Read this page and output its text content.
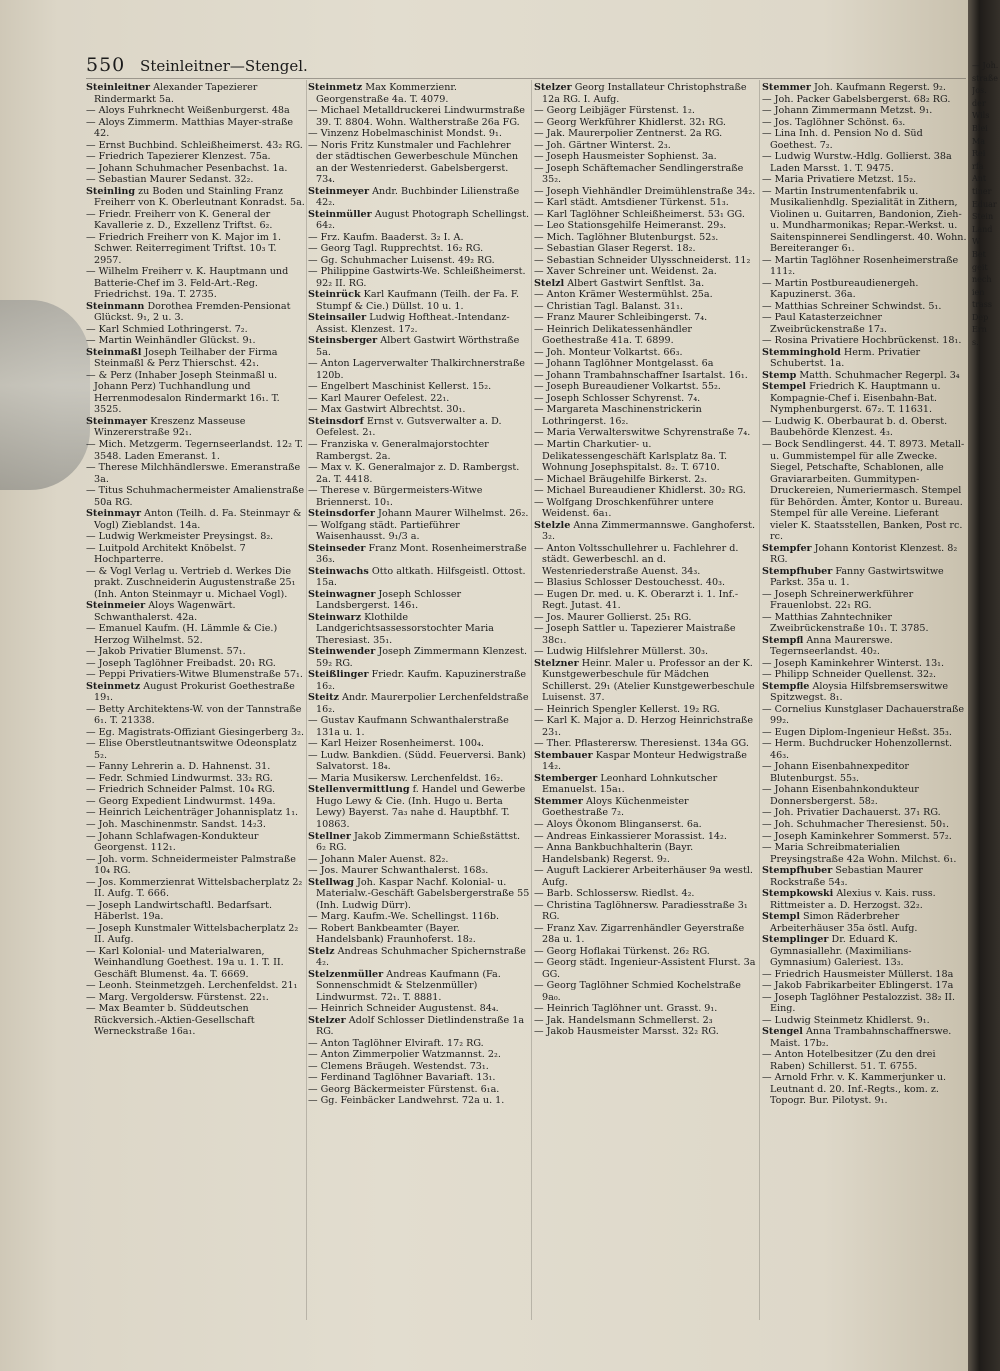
550 Steinleitner—Stengel.
Steinleitner Alexander Tapezierer Rindermarkt 5a.
— Aloys Fuhrknecht Weißenburgerst. 48a
— Aloys Zimmerm. Matthias Mayer-straße 42.
— Ernst Buchbind. Schleißheimerst. 43₂ RG.
— Friedrich Tapezierer Klenzest. 75a.
— Johann Schuhmacher Pesenbachst. 1a.
— Sebastian Maurer Sedanst. 32₂.
Steinling zu Boden und Stainling Franz Freiherr von K. Oberleutnant Konradst. 5a.
— Friedr. Freiherr von K. General der Kavallerie z. D., Exzellenz Triftst. 6₂.
— Friedrich Freiherr von K. Major im 1. Schwer. Reiterregiment Triftst. 10₃ T. 2957.
— Wilhelm Freiherr v. K. Hauptmann und Batterie-Chef im 3. Feld-Art.-Reg. Friedrichst. 19a. T. 2735.
Steinmann Dorothea Fremden-Pensionat Glückst. 9₁, 2 u. 3.
— Karl Schmied Lothringerst. 7₂.
— Martin Weinhändler Glückst. 9₁.
Steinmaßl Joseph Teilhaber der Firma Steinmaßl & Perz Thierschst. 42₁.
— & Perz (Inhaber Joseph Steinmaßl u. Johann Perz) Tuchhandlung und Herrenmodesalon Rindermarkt 16₁. T. 3525.
Steinmayer Kreszenz Masseuse Winzererstraße 92₁.
— Mich. Metzgerm. Tegernseerlandst. 12₂ T. 3548. Laden Emeranst. 1.
— Therese Milchhändlerswe. Emeranstraße 3a.
— Titus Schuhmachermeister Amalienstraße 50a RG.
Steinmayr Anton (Teilh. d. Fa. Steinmayr & Vogl) Zieblandst. 14a.
— Ludwig Werkmeister Preysingst. 8₂.
— Luitpold Architekt Knöbelst. 7 Hochparterre.
— & Vogl Verlag u. Vertrieb d. Werkes Die prakt. Zuschneiderin Augustenstraße 25₁ (Inh. Anton Steinmayr u. Michael Vogl).
Steinmeier Aloys Wagenwärt. Schwanthalerst. 42a.
— Emanuel Kaufm. (H. Lämmle & Cie.) Herzog Wilhelmst. 52.
— Jakob Privatier Blumenst. 57₁.
— Joseph Taglöhner Freibadst. 20₁ RG.
— Peppi Privatiers-Witwe Blumenstraße 57₁.
Steinmetz August Prokurist Goethestraße 19₁.
— Betty Architektens-W. von der Tannstraße 6₁. T. 21338.
— Eg. Magistrats-Offiziant Giesingerberg 3₂.
— Elise Oberstleutnantswitwe Odeonsplatz 5₂.
— Fanny Lehrerin a. D. Hahnenst. 31.
— Fedr. Schmied Lindwurmst. 33₂ RG.
— Friedrich Schneider Palmst. 10₄ RG.
— Georg Expedient Lindwurmst. 149a.
— Heinrich Leichenträger Johannisplatz 1₁.
— Joh. Maschinenmstr. Sandst. 14₂3.
— Johann Schlafwagen-Kondukteur Georgenst. 112₁.
— Joh. vorm. Schneidermeister Palmstraße 10₄ RG.
— Jos. Kommerzienrat Wittelsbacherplatz 2₂ II. Aufg. T. 666.
— Joseph Landwirtschaftl. Bedarfsart. Häberlst. 19a.
— Joseph Kunstmaler Wittelsbacherplatz 2₂ II. Aufg.
— Karl Kolonial- und Materialwaren, Weinhandlung Goethest. 19a u. 1. T. II. Geschäft Blumenst. 4a. T. 6669.
— Leonh. Steinmetzgeh. Lerchenfeldst. 21₁
— Marg. Vergoldersw. Fürstenst. 22₁.
— Max Beamter b. Süddeutschen Rückversich.-Aktien-Gesellschaft Werneckstraße 16a₁.
Steinmetz Max Kommerzienr. Georgenstraße 4a. T. 4079.
— Michael Metalldruckerei Lindwurmstraße 39. T. 8804. Wohn. Waltherstraße 26a FG.
— Vinzenz Hobelmaschinist Mondst. 9₁.
— Noris Fritz Kunstmaler und Fachlehrer der städtischen Gewerbeschule München an der Westenriederst. Gabelsbergerst. 73₄.
Steinmeyer Andr. Buchbinder Lilienstraße 42₂.
Steinmüller August Photograph Schellingst. 64₂.
— Frz. Kaufm. Baaderst. 3₂ I. A.
— Georg Tagl. Rupprechtst. 16₂ RG.
— Gg. Schuhmacher Luisenst. 49₂ RG.
— Philippine Gastwirts-We. Schleißheimerst. 92₂ II. RG.
Steinrück Karl Kaufmann (Teilh. der Fa. F. Stumpf & Cie.) Düllst. 10 u. 1.
Steinsailer Ludwig Hoftheat.-Intendanz-Assist. Klenzest. 17₂.
Steinsberger Albert Gastwirt Wörthstraße 5a.
— Anton Lagerverwalter Thalkirchnerstraße 120b.
— Engelbert Maschinist Kellerst. 15₂.
— Karl Maurer Oefelest. 22₁.
— Max Gastwirt Albrechtst. 30₁.
Steinsdorf Ernst v. Gutsverwalter a. D. Oefelest. 2₁.
— Franziska v. Generalmajorstochter Rambergst. 2a.
— Max v. K. Generalmajor z. D. Rambergst. 2a. T. 4418.
— Therese v. Bürgermeisters-Witwe Briennerst. 10₁.
Steinsdorfer Johann Maurer Wilhelmst. 26₂.
— Wolfgang städt. Partieführer Waisenhausst. 9₁/3 a.
Steinseder Franz Mont. Rosenheimerstraße 36₃.
Steinwachs Otto altkath. Hilfsgeistl. Ottost. 15a.
Steinwagner Joseph Schlosser Landsbergerst. 146₁.
Steinwarz Klothilde Landgerichtsassessorstochter Maria Theresiast. 35₁.
Steinwender Joseph Zimmermann Klenzest. 59₂ RG.
Steißlinger Friedr. Kaufm. Kapuzinerstraße 16₂.
Steitz Andr. Maurerpolier Lerchenfeldstraße 16₂.
— Gustav Kaufmann Schwanthalerstraße 131a u. 1.
— Karl Heizer Rosenheimerst. 100₄.
— Ludw. Bankdien. (Südd. Feuerversi. Bank) Salvatorst. 18₄.
— Maria Musikersw. Lerchenfeldst. 16₂.
Stellenvermittlung f. Handel und Gewerbe Hugo Lewy & Cie. (Inh. Hugo u. Berta Lewy) Bayerst. 7a₃ nahe d. Hauptbhf. T. 10863.
Stellner Jakob Zimmermann Schießstättst. 6₂ RG.
— Johann Maler Auenst. 82₂.
— Jos. Maurer Schwanthalerst. 168₃.
Stellwag Joh. Kaspar Nachf. Kolonial- u. Materialw.-Geschäft Gabelsbergerstraße 55 (Inh. Ludwig Dürr).
— Marg. Kaufm.-We. Schellingst. 116b.
— Robert Bankbeamter (Bayer. Handelsbank) Fraunhoferst. 18₂.
Stelz Andreas Schuhmacher Spichernstraße 4₂.
Stelzenmüller Andreas Kaufmann (Fa. Sonnenschmidt & Stelzenmüller) Lindwurmst. 72₁. T. 8881.
— Heinrich Schneider Augustenst. 84₄.
Stelzer Adolf Schlosser Dietlindenstraße 1a RG.
— Anton Taglöhner Elviraft. 17₂ RG.
— Anton Zimmerpolier Watzmannst. 2₂.
— Clemens Bräugeh. Westendst. 73₁.
— Ferdinand Taglöhner Bavariaft. 13₁.
— Georg Bäckermeister Fürstenst. 6₁a.
— Gg. Feinbäcker Landwehrst. 72a u. 1.
Stelzer Georg Installateur Christophstraße 12a RG. I. Aufg.
— Georg Leibjäger Fürstenst. 1₂.
— Georg Werkführer Khidlerst. 32₁ RG.
— Jak. Maurerpolier Zentnerst. 2a RG.
— Joh. Gärtner Winterst. 2₃.
— Joseph Hausmeister Sophienst. 3a.
— Joseph Schäftemacher Sendlingerstraße 35₂.
— Joseph Viehhändler Dreimühlenstraße 34₂.
— Karl städt. Amtsdiener Türkenst. 51₃.
— Karl Taglöhner Schleißheimerst. 53₁ GG.
— Leo Stationsgehilfe Heimeranst. 29₃.
— Mich. Taglöhner Blutenburgst. 52₃.
— Sebastian Glaser Regerst. 18₂.
— Sebastian Schneider Ulysschneiderst. 11₂
— Xaver Schreiner unt. Weidenst. 2a.
Stelzl Albert Gastwirt Senftlst. 3a.
— Anton Krämer Westermühlst. 25a.
— Christian Tagl. Balanst. 31₁.
— Franz Maurer Schleibingerst. 7₄.
— Heinrich Delikatessenhändler Goethestraße 41a. T. 6899.
— Joh. Monteur Volkartst. 66₃.
— Johann Taglöhner Montgelasst. 6a
— Johann Trambahnschaffner Isartalst. 16₁.
— Joseph Bureaudiener Volkartst. 55₂.
— Joseph Schlosser Schyrenst. 7₄.
— Margareta Maschinenstrickerin Lothringerst. 16₂.
— Maria Verwalterswitwe Schyrenstraße 7₄.
— Martin Charkutier- u. Delikatessengeschäft Karlsplatz 8a. T. Wohnung Josephspitalst. 8₂. T. 6710.
— Michael Bräugehilfe Birkerst. 2₃.
— Michael Bureaudiener Khidlerst. 30₂ RG.
— Wolfgang Droschkenführer untere Weidenst. 6a₁.
Stelzle Anna Zimmermannswe. Ganghoferst. 3₂.
— Anton Voltsschullehrer u. Fachlehrer d. städt. Gewerbeschl. an d. Westenriederstraße Auenst. 34₃.
— Blasius Schlosser Destouchesst. 40₃.
— Eugen Dr. med. u. K. Oberarzt i. 1. Inf.-Regt. Jutast. 41.
— Jos. Maurer Gollierst. 25₁ RG.
— Joseph Sattler u. Tapezierer Maistraße 38c₁.
— Ludwig Hilfslehrer Müllerst. 30₃.
Stelzner Heinr. Maler u. Professor an der K. Kunstgewerbeschule für Mädchen Schillerst. 29₁ (Atelier Kunstgewerbeschule Luisenst. 37.
— Heinrich Spengler Kellerst. 19₂ RG.
— Karl K. Major a. D. Herzog Heinrichstraße 23₁.
— Ther. Pflasterersw. Theresienst. 134a GG.
Stembauer Kaspar Monteur Hedwigstraße 14₂.
Stemberger Leonhard Lohnkutscher Emanuelst. 15a₁.
Stemmer Aloys Küchenmeister Goethestraße 7₂.
— Aloys Ökonom Blinganserst. 6a.
— Andreas Einkassierer Morassist. 14₂.
— Anna Bankbuchhalterin (Bayr. Handelsbank) Regerst. 9₂.
— Auguft Lackierer Arbeiterhäuser 9a westl. Aufg.
— Barb. Schlossersw. Riedlst. 4₂.
— Christina Taglöhnersw. Paradiesstraße 3₁ RG.
— Franz Xav. Zigarrenhändler Geyerstraße 28a u. 1.
— Georg Hoflakai Türkenst. 26₂ RG.
— Georg städt. Ingenieur-Assistent Flurst. 3a GG.
— Georg Taglöhner Schmied Kochelstraße 9a₀.
— Heinrich Taglöhner unt. Grasst. 9₁.
— Jak. Handelsmann Schmellerst. 2₃
— Jakob Hausmeister Marsst. 32₂ RG.
Stemmer Joh. Kaufmann Regerst. 9₂.
— Joh. Packer Gabelsbergerst. 68₂ RG.
— Johann Zimmermann Metzst. 9₁.
— Jos. Taglöhner Schönst. 6₃.
— Lina Inh. d. Pension No d. Süd Goethest. 7₂.
— Ludwig Wurstw.-Hdlg. Gollierst. 38a Laden Marsst. 1. T. 9475.
— Maria Privatiere Metzst. 15₂.
— Martin Instrumentenfabrik u. Musikalienhdlg. Spezialität in Zithern, Violinen u. Guitarren, Bandonion, Zieh- u. Mundharmonikas; Repar.-Werkst. u. Saitenspinnerei Sendlingerst. 40. Wohn. Bereiteranger 6₁.
— Martin Taglöhner Rosenheimerstraße 111₂.
— Martin Postbureaudienergeh. Kapuzinerst. 36a.
— Matthias Schreiner Schwindst. 5₁.
— Paul Katasterzeichner Zweibrückenstraße 17₃.
— Rosina Privatiere Hochbrückenst. 18₁.
Stemminghold Herm. Privatier Schubertst. 1a.
Stemp Matth. Schuhmacher Regerpl. 3₄
Stempel Friedrich K. Hauptmann u. Kompagnie-Chef i. Eisenbahn-Bat. Nymphenburgerst. 67₂. T. 11631.
— Ludwig K. Oberbaurat b. d. Oberst. Baubehörde Klenzest. 4₃.
— Bock Sendlingerst. 44. T. 8973. Metall- u. Gummistempel für alle Zwecke. Siegel, Petschafte, Schablonen, alle Graviararbeiten. Gummitypen-Druckereien, Numeriermasch. Stempel für Behörden. Ämter, Kontor u. Bureau. Stempel für alle Vereine. Lieferant vieler K. Staatsstellen, Banken, Post rc. rc.
Stempfer Johann Kontorist Klenzest. 8₂ RG.
Stempfhuber Fanny Gastwirtswitwe Parkst. 35a u. 1.
— Joseph Schreinerwerkführer Frauenlobst. 22₁ RG.
— Matthias Zahntechniker Zweibrückenstraße 10₁. T. 3785.
Stempfl Anna Maurerswe. Tegernseerlandst. 40₂.
— Joseph Kaminkehrer Winterst. 13₁.
— Philipp Schneider Quellenst. 32₂.
Stempfle Aloysia Hilfsbremserswitwe Spitzwegst. 8₁.
— Cornelius Kunstglaser Dachauerstraße 99₂.
— Eugen Diplom-Ingenieur Heßst. 35₃.
— Herm. Buchdrucker Hohenzollernst. 46₃.
— Johann Eisenbahnexpeditor Blutenburgst. 55₃.
— Johann Eisenbahnkondukteur Donnersbergerst. 58₂.
— Joh. Privatier Dachauerst. 37₁ RG.
— Joh. Schuhmacher Theresienst. 50₁.
— Joseph Kaminkehrer Sommerst. 57₂.
— Maria Schreibmaterialien Preysingstraße 42a Wohn. Milchst. 6₁.
Stempfhuber Sebastian Maurer Rockstraße 54₃.
Stempkowski Alexius v. Kais. russ. Rittmeister a. D. Herzogst. 32₂.
Stempl Simon Räderbreher Arbeiterhäuser 35a östl. Aufg.
Stemplinger Dr. Eduard K. Gymnasiallehr. (Maximilians-Gymnasium) Galeriest. 13₃.
— Friedrich Hausmeister Müllerst. 18a
— Jakob Fabrikarbeiter Eblingerst. 17a
— Joseph Taglöhner Pestalozzist. 38₂ II. Eing.
— Ludwig Steinmetz Khidlerst. 9₁.
Stengel Anna Trambahnschaffnerswe. Maist. 17b₂.
— Anton Hotelbesitzer (Zu den drei Raben) Schillerst. 51. T. 6755.
— Arnold Frhr. v. K. Kammerjunker u. Leutnant d. 20. Inf.-Regts., kom. z. Topogr. Bur. Pilotyst. 9₁.
— Joh.
straße
Jos.
der
Wils
Blei
Ma
Rei
rfa
Ant
tiner
Eduar
Stein
Land
W
Bet
geit
nech
ien
trass
Dep
Ern
s.
